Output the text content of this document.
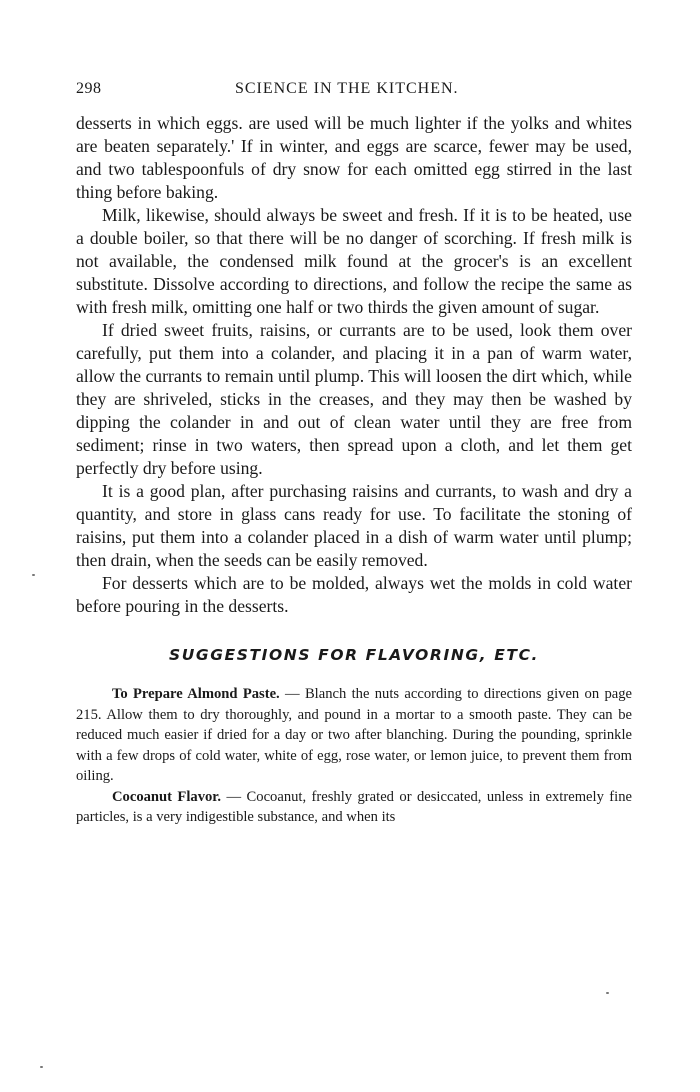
298	SCIENCE IN THE KITCHEN.

desserts in which eggs. are used will be much lighter if the yolks and whites are beaten separately.' If in winter, and eggs are scarce, fewer may be used, and two tablespoonfuls of dry snow for each omitted egg stirred in the last thing before baking.

Milk, likewise, should always be sweet and fresh. If it is to be heated, use a double boiler, so that there will be no danger of scorching. If fresh milk is not available, the condensed milk found at the grocer's is an excellent substitute. Dissolve according to directions, and follow the recipe the same as with fresh milk, omitting one half or two thirds the given amount of sugar.

If dried sweet fruits, raisins, or currants are to be used, look them over carefully, put them into a colander, and placing it in a pan of warm water, allow the currants to remain until plump. This will loosen the dirt which, while they are shriveled, sticks in the creases, and they may then be washed by dipping the colander in and out of clean water until they are free from sediment; rinse in two waters, then spread upon a cloth, and let them get perfectly dry before using.

It is a good plan, after purchasing raisins and currants, to wash and dry a quantity, and store in glass cans ready for use. To facilitate the stoning of raisins, put them into a colander placed in a dish of warm water until plump; then drain, when the seeds can be easily removed.

For desserts which are to be molded, always wet the molds in cold water before pouring in the desserts.

SUGGESTIONS FOR FLAVORING, ETC.

To Prepare Almond Paste. — Blanch the nuts according to directions given on page 215. Allow them to dry thoroughly, and pound in a mortar to a smooth paste. They can be reduced much easier if dried for a day or two after blanching. During the pounding, sprinkle with a few drops of cold water, white of egg, rose water, or lemon juice, to prevent them from oiling.

Cocoanut Flavor. — Cocoanut, freshly grated or desiccated, unless in extremely fine particles, is a very indigestible substance, and when its
